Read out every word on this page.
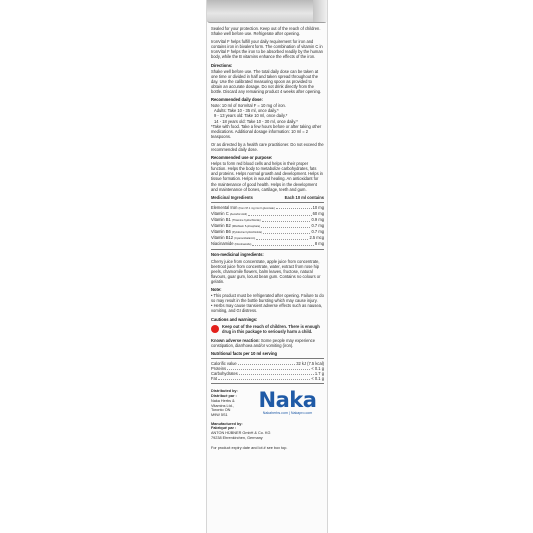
Sealed for your protection. Keep out of the reach of children. Shake well before use. Refrigerate after opening.
IronVital F helps fulfill your daily requirement for iron and contains iron in bivalent form. The combination of vitamin C in IronVital F helps the iron to be absorbed readily by the human body, while the B vitamins enhance the effects of the iron.
Directions:
Shake well before use. The total daily dose can be taken at one time or divided in half and taken spread throughout the day. Use the calibrated measuring spoon as provided to obtain an accurate dosage. Do not drink directly from the bottle. Discard any remaining product 4 weeks after opening.
Recommended daily dose:
Note: 10 ml of IronVital F = 10 mg of iron.
Adults: Take 10 - 35 ml, once daily.*
9 - 13 years old: Take 10 ml, once daily.*
14 - 18 years old: Take 10 - 30 ml, once daily.*
*Take with food. Take a few hours before or after taking other medications. Additional dosage information: 10 ml = 2 teaspoons.
Or as directed by a health care practitioner. Do not exceed the recommended daily dose.
Recommended use or purpose:
Helps to form red blood cells and helps in their proper function. Helps the body to metabolize carbohydrates, fats and proteins. Helps normal growth and development. Helps in tissue formation. Helps in wound healing. An antioxidant for the maintenance of good health. Helps in the development and maintenance of bones, cartilage, teeth and gum.
Medicinal Ingredients	Each 10 ml contains
Elemental Iron (from 97.1 mg iron II gluconate)	10 mg
Vitamin C (Ascorbic Acid)	60 mg
Vitamin B1 (Thiamine hydrochloride)	0.9 mg
Vitamin B2 (Riboflavin 5-phosphate)	0.7 mg
Vitamin B6 (Pyridoxine hydrochloride)	0.7 mg
Vitamin B12 (Cyanocobalamin)	2.5 mcg
Niacinamide (Nicotinamide)	8 mg
Non-medicinal ingredients:
Cherry juice from concentrate, apple juice from concentrate, beetroot juice from concentrate, water, extract from rose hip peels, chamomile flowers, balm leaves, fructose, natural flavours, guar gum, locust bean gum. Contains no colours or gelatin.
Note:
• This product must be refrigerated after opening. Failure to do so may result in the bottle bursting which may cause injury.
• Herbs may cause transient adverse effects such as nausea, vomiting, and GI distress.
Cautions and warnings:
Keep out of the reach of children. There is enough drug in this package to seriously harm a child.
Known adverse reaction: Some people may experience constipation, diarrhoea and/or vomiting (iron).
Nutritional facts per 10 ml serving
Calorific value	32 kJ (7.5 kcal)
Proteins	< 0.1 g
Carbohydrates	1.7 g
Fat	< 0.1 g
Distributed by:
Distribué par :
Naka Herbs &
Vitamins Ltd.,
Toronto ON
M9W 5S1
Naka
Nakaherbs.com | Nakapro.com
Manufactured by:
Fabriqué par :
ANTON HÜBNER GmbH & Co. KG
79238 Ehrenkirchen, Germany
For product expiry date and lot # see box top.
